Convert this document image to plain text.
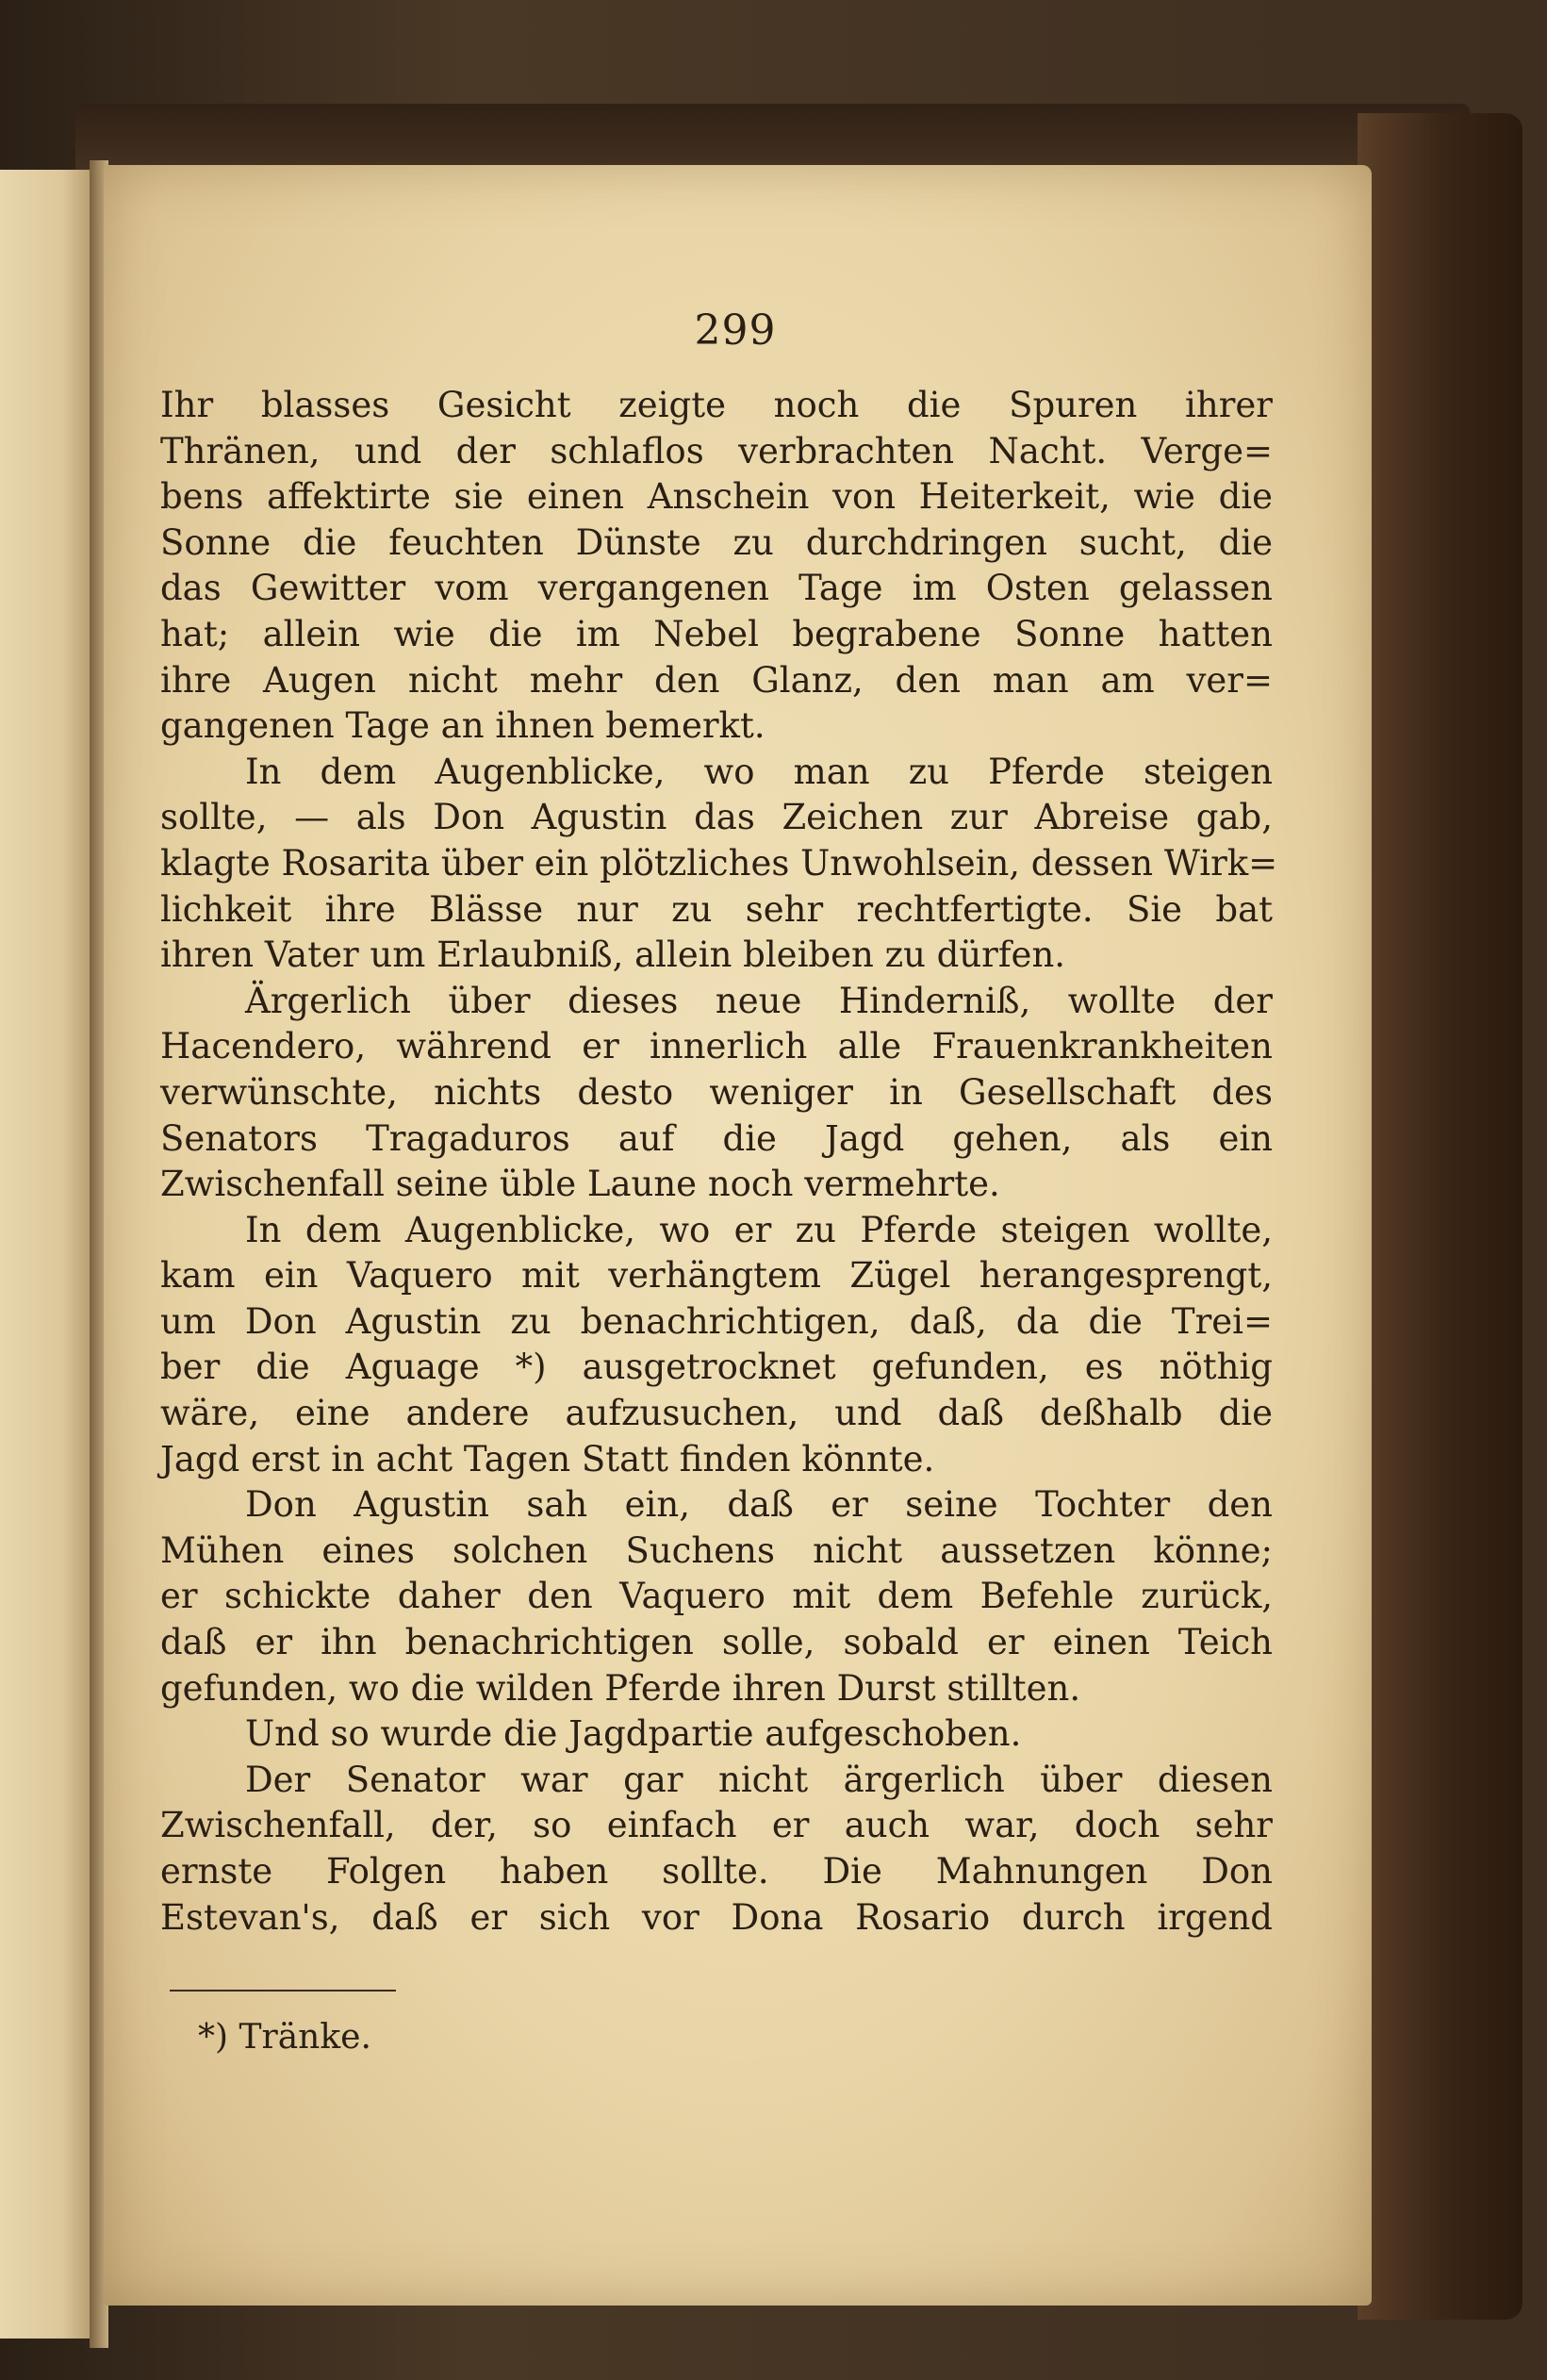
299
Ihr blasses Gesicht zeigte noch die Spuren ihrer
Thränen, und der schlaflos verbrachten Nacht. Verge=
bens affektirte sie einen Anschein von Heiterkeit, wie die
Sonne die feuchten Dünste zu durchdringen sucht, die
das Gewitter vom vergangenen Tage im Osten gelassen
hat; allein wie die im Nebel begrabene Sonne hatten
ihre Augen nicht mehr den Glanz, den man am ver=
gangenen Tage an ihnen bemerkt.
In dem Augenblicke, wo man zu Pferde steigen
sollte, — als Don Agustin das Zeichen zur Abreise gab,
klagte Rosarita über ein plötzliches Unwohlsein, dessen Wirk=
lichkeit ihre Blässe nur zu sehr rechtfertigte. Sie bat
ihren Vater um Erlaubniß, allein bleiben zu dürfen.
Ärgerlich über dieses neue Hinderniß, wollte der
Hacendero, während er innerlich alle Frauenkrankheiten
verwünschte, nichts desto weniger in Gesellschaft des
Senators Tragaduros auf die Jagd gehen, als ein
Zwischenfall seine üble Laune noch vermehrte.
In dem Augenblicke, wo er zu Pferde steigen wollte,
kam ein Vaquero mit verhängtem Zügel herangesprengt,
um Don Agustin zu benachrichtigen, daß, da die Trei=
ber die Aguage *) ausgetrocknet gefunden, es nöthig
wäre, eine andere aufzusuchen, und daß deßhalb die
Jagd erst in acht Tagen Statt finden könnte.
Don Agustin sah ein, daß er seine Tochter den
Mühen eines solchen Suchens nicht aussetzen könne;
er schickte daher den Vaquero mit dem Befehle zurück,
daß er ihn benachrichtigen solle, sobald er einen Teich
gefunden, wo die wilden Pferde ihren Durst stillten.
Und so wurde die Jagdpartie aufgeschoben.
Der Senator war gar nicht ärgerlich über diesen
Zwischenfall, der, so einfach er auch war, doch sehr
ernste Folgen haben sollte. Die Mahnungen Don
Estevan's, daß er sich vor Dona Rosario durch irgend
*) Tränke.
